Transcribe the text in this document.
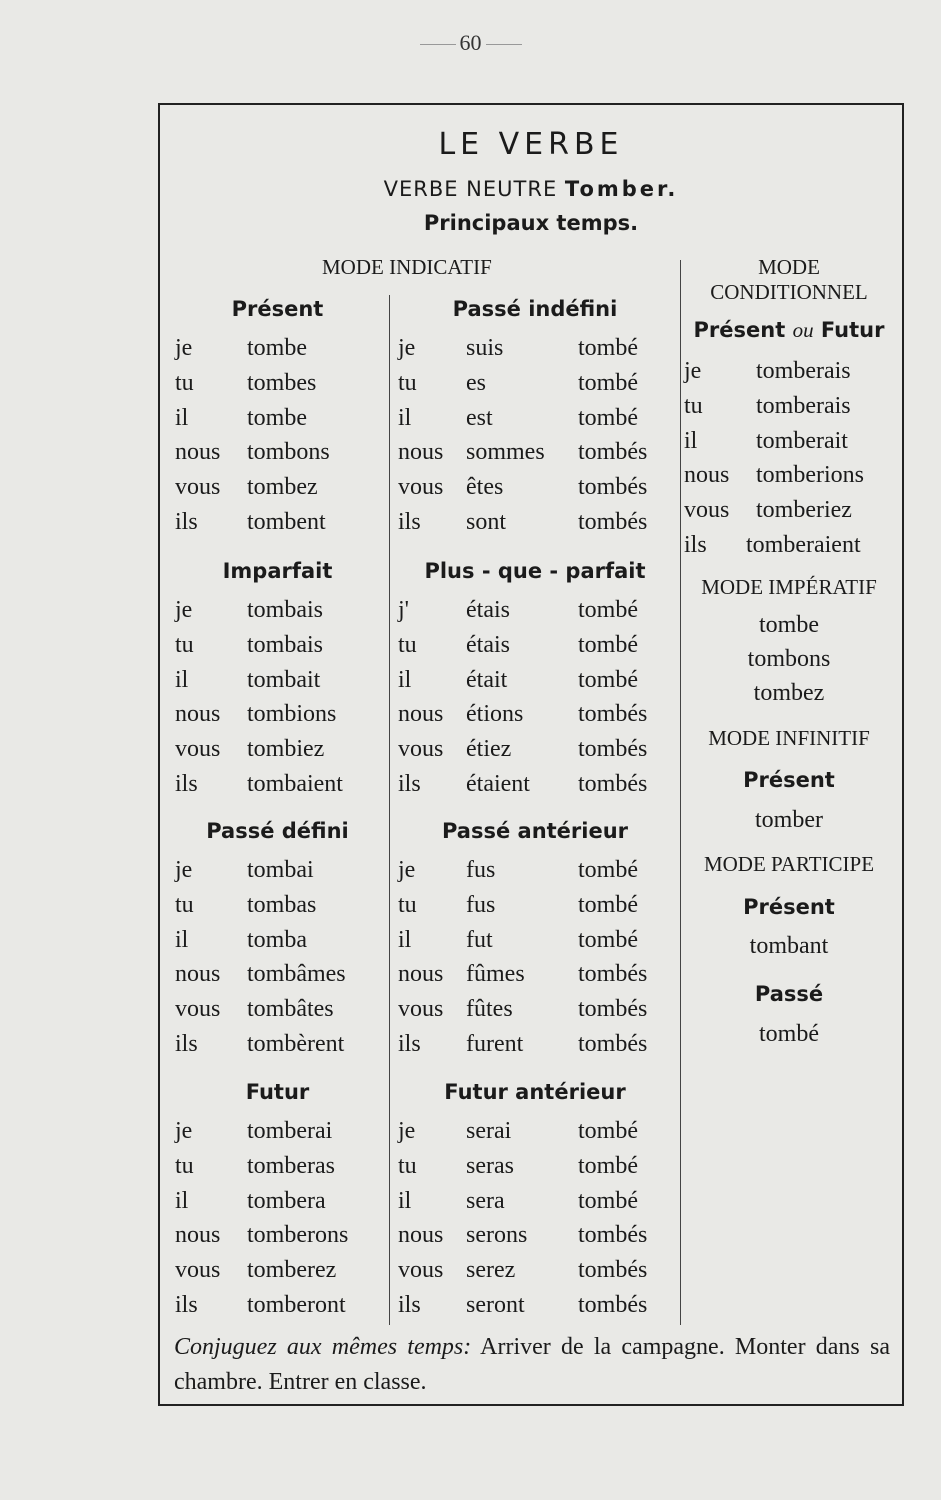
60
LE VERBE
VERBE NEUTRE Tomber.
Principaux temps.
MODE INDICATIF
Présent
je tombe
tu tombes
il tombe
nous tombons
vous tombez
ils tombent
Passé indéfini
je suis	tombé
tu es	tombé
il est	tombé
nous sommes tombés
vous êtes	tombés
ils sont	tombés
Imparfait
je tombais
tu tombais
il tombait
nous tombions
vous tombiez
ils tombaient
Plus - que - parfait
j' étais	tombé
tu étais	tombé
il était	tombé
nous étions tombés
vous étiez	tombés
ils étaient tombés
Passé défini
je tombai
tu tombas
il tomba
nous tombâmes
vous tombâtes
ils tombèrent
Passé antérieur
je fus	tombé
tu fus	tombé
il fut	tombé
nous fûmes tombés
vous fûtes	tombés
ils furent tombés
Futur
je tomberai
tu tomberas
il tombera
nous tomberons
vous tomberez
ils tomberont
Futur antérieur
je serai	tombé
tu seras	tombé
il sera	tombé
nous serons tombés
vous serez	tombés
ils seront tombés
MODE
CONDITIONNEL
Présent ou Futur
je tomberais
tu tomberais
il tomberait
nous tomberions
vous tomberiez
ils tomberaient
MODE IMPÉRATIF
tombe
tombons
tombez
MODE INFINITIF
Présent
tomber
MODE PARTICIPE
Présent
tombant
Passé
tombé
Conjuguez aux mêmes temps: Arriver de la campagne. Monter dans sa chambre. Entrer en classe.
